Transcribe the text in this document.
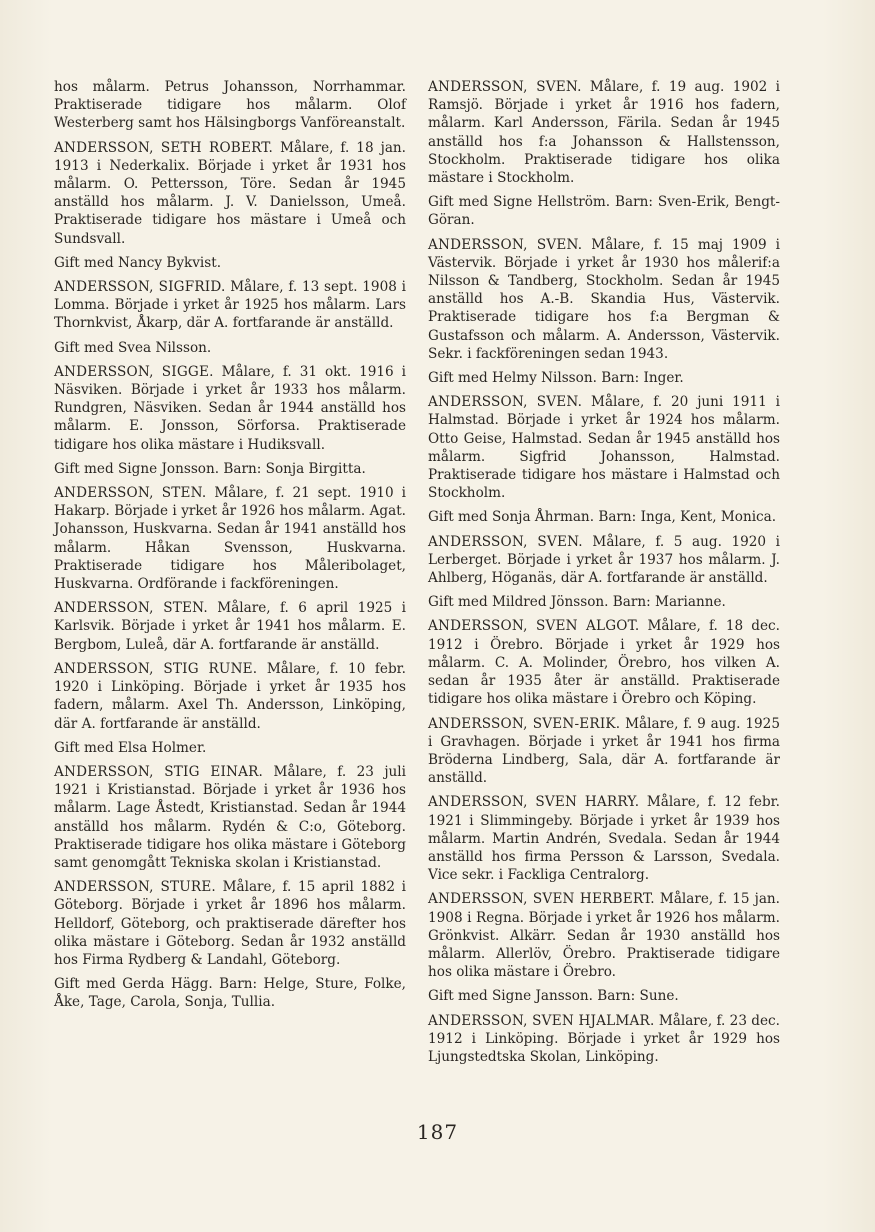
hos målarm. Petrus Johansson, Norrhammar. Praktiserade tidigare hos målarm. Olof Westerberg samt hos Hälsingborgs Vanföreanstalt.

ANDERSSON, SETH ROBERT. Målare, f. 18 jan. 1913 i Nederkalix. Började i yrket år 1931 hos målarm. O. Pettersson, Töre. Sedan år 1945 anställd hos målarm. J. V. Danielsson, Umeå. Praktiserade tidigare hos mästare i Umeå och Sundsvall.

Gift med Nancy Bykvist.

ANDERSSON, SIGFRID. Målare, f. 13 sept. 1908 i Lomma. Började i yrket år 1925 hos målarm. Lars Thornkvist, Åkarp, där A. fortfarande är anställd.

Gift med Svea Nilsson.

ANDERSSON, SIGGE. Målare, f. 31 okt. 1916 i Näsviken. Började i yrket år 1933 hos målarm. Rundgren, Näsviken. Sedan år 1944 anställd hos målarm. E. Jonsson, Sörforsa. Praktiserade tidigare hos olika mästare i Hudiksvall.

Gift med Signe Jonsson. Barn: Sonja Birgitta.

ANDERSSON, STEN. Målare, f. 21 sept. 1910 i Hakarp. Började i yrket år 1926 hos målarm. Agat. Johansson, Huskvarna. Sedan år 1941 anställd hos målarm. Håkan Svensson, Huskvarna. Praktiserade tidigare hos Måleribolaget, Huskvarna. Ordförande i fackföreningen.

ANDERSSON, STEN. Målare, f. 6 april 1925 i Karlsvik. Började i yrket år 1941 hos målarm. E. Bergbom, Luleå, där A. fortfarande är anställd.

ANDERSSON, STIG RUNE. Målare, f. 10 febr. 1920 i Linköping. Började i yrket år 1935 hos fadern, målarm. Axel Th. Andersson, Linköping, där A. fortfarande är anställd.

Gift med Elsa Holmer.

ANDERSSON, STIG EINAR. Målare, f. 23 juli 1921 i Kristianstad. Började i yrket år 1936 hos målarm. Lage Åstedt, Kristianstad. Sedan år 1944 anställd hos målarm. Rydén & C:o, Göteborg. Praktiserade tidigare hos olika mästare i Göteborg samt genomgått Tekniska skolan i Kristianstad.

ANDERSSON, STURE. Målare, f. 15 april 1882 i Göteborg. Började i yrket år 1896 hos målarm. Helldorf, Göteborg, och praktiserade därefter hos olika mästare i Göteborg. Sedan år 1932 anställd hos Firma Rydberg & Landahl, Göteborg.

Gift med Gerda Hägg. Barn: Helge, Sture, Folke, Åke, Tage, Carola, Sonja, Tullia.

ANDERSSON, SVEN. Målare, f. 19 aug. 1902 i Ramsjö. Började i yrket år 1916 hos fadern, målarm. Karl Andersson, Färila. Sedan år 1945 anställd hos f:a Johansson & Hallstensson, Stockholm. Praktiserade tidigare hos olika mästare i Stockholm.

Gift med Signe Hellström. Barn: Sven-Erik, Bengt-Göran.

ANDERSSON, SVEN. Målare, f. 15 maj 1909 i Västervik. Började i yrket år 1930 hos målerif:a Nilsson & Tandberg, Stockholm. Sedan år 1945 anställd hos A.-B. Skandia Hus, Västervik. Praktiserade tidigare hos f:a Bergman & Gustafsson och målarm. A. Andersson, Västervik. Sekr. i fackföreningen sedan 1943.

Gift med Helmy Nilsson. Barn: Inger.

ANDERSSON, SVEN. Målare, f. 20 juni 1911 i Halmstad. Började i yrket år 1924 hos målarm. Otto Geise, Halmstad. Sedan år 1945 anställd hos målarm. Sigfrid Johansson, Halmstad. Praktiserade tidigare hos mästare i Halmstad och Stockholm.

Gift med Sonja Åhrman. Barn: Inga, Kent, Monica.

ANDERSSON, SVEN. Målare, f. 5 aug. 1920 i Lerberget. Började i yrket år 1937 hos målarm. J. Ahlberg, Höganäs, där A. fortfarande är anställd.

Gift med Mildred Jönsson. Barn: Marianne.

ANDERSSON, SVEN ALGOT. Målare, f. 18 dec. 1912 i Örebro. Började i yrket år 1929 hos målarm. C. A. Molinder, Örebro, hos vilken A. sedan år 1935 åter är anställd. Praktiserade tidigare hos olika mästare i Örebro och Köping.

ANDERSSON, SVEN-ERIK. Målare, f. 9 aug. 1925 i Gravhagen. Började i yrket år 1941 hos firma Bröderna Lindberg, Sala, där A. fortfarande är anställd.

ANDERSSON, SVEN HARRY. Målare, f. 12 febr. 1921 i Slimmingeby. Började i yrket år 1939 hos målarm. Martin Andrén, Svedala. Sedan år 1944 anställd hos firma Persson & Larsson, Svedala. Vice sekr. i Fackliga Centralorg.

ANDERSSON, SVEN HERBERT. Målare, f. 15 jan. 1908 i Regna. Började i yrket år 1926 hos målarm. Grönkvist. Alkärr. Sedan år 1930 anställd hos målarm. Allerlöv, Örebro. Praktiserade tidigare hos olika mästare i Örebro.

Gift med Signe Jansson. Barn: Sune.

ANDERSSON, SVEN HJALMAR. Målare, f. 23 dec. 1912 i Linköping. Började i yrket år 1929 hos Ljungstedtska Skolan, Linköping.

187
